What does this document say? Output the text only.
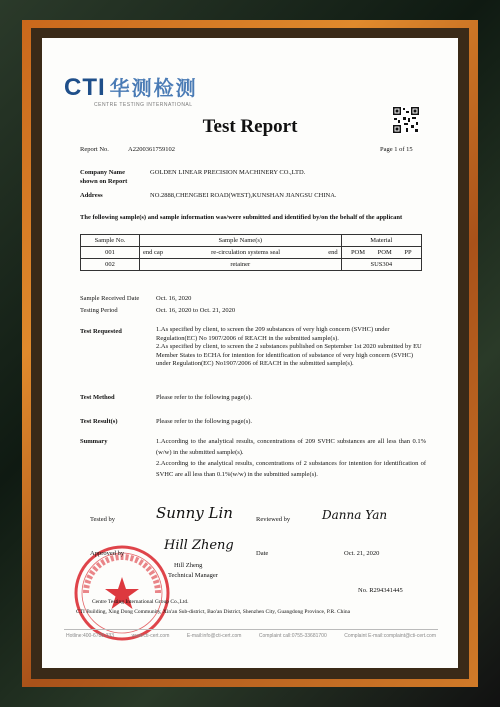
CTI 华测检测
CENTRE TESTING INTERNATIONAL
Test Report
Report No.	A2200361759102	Page 1 of 15
Company Name shown on Report
GOLDEN LINEAR PRECISION MACHINERY CO.,LTD.
Address	NO.2888,CHENGBEI ROAD(WEST),KUNSHAN JIANGSU CHINA.
The following sample(s) and sample information was/were submitted and identified by/on the behalf of the applicant
Sample No.	Sample Name(s)	Material
001	end cap re-circulation systems seal end	POM POM PP

002	retainer	SUS304
Sample Received Date	Oct. 16, 2020
Testing Period	Oct. 16, 2020 to Oct. 21, 2020
Test Requested	1.As specified by client, to screen the 209 substances of very high concern (SVHC) under Regulation(EC) No 1907/2006 of REACH in the submitted sample(s).
2.As specified by client, to screen the 2 substances published on September 1st 2020 submitted by EU Member States to ECHA for intention for identification of substance of very high concern (SVHC) under Regulation(EC) No1907/2006 of REACH in the submitted sample(s).
Test Method	Please refer to the following page(s).
Test Result(s)	Please refer to the following page(s).
Summary	1.According to the analytical results, concentrations of 209 SVHC substances are all less than 0.1% (w/w) in the submitted sample(s).
2.According to the analytical results, concentrations of 2 substances for intention for identification of SVHC are all less than 0.1%(w/w) in the submitted sample(s).
Tested by	Sunny Lin	Reviewed by	Danna Yan
Approved by
Hill Zheng
Hill Zheng
Technical Manager
Date	Oct. 21, 2020
No. R294341445
Centre Testing International Group Co.,Ltd.
CTI Building, Xing Dong Community, Xin'an Sub-district, Bao'an District, Shenzhen City, Guangdong Province, P.R. China
Hotline:400-6788-333	www.cti-cert.com	E-mail:info@cti-cert.com	Complaint call:0755-33681700	Complaint E-mail:complaint@cti-cert.com
